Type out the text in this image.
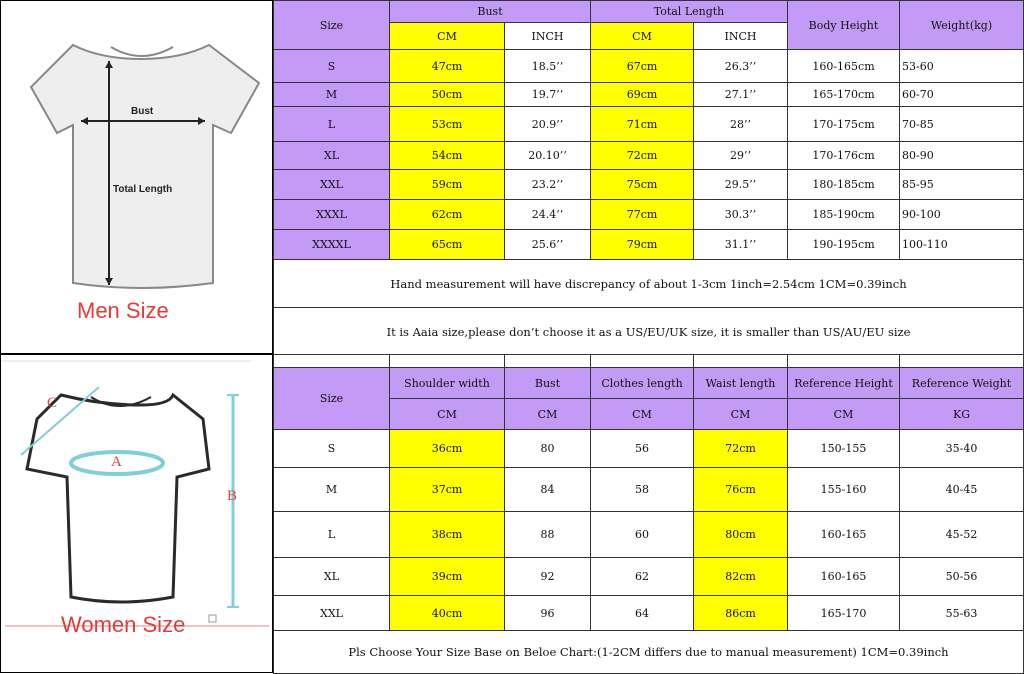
Bust
Total Length
Men Size
A
B
C
Women Size
Size	Bust		Total Length		Body Height	Weight(kg)
	CM	INCH	CM	INCH		
S	47cm	18.5’’	67cm	26.3’’	160-165cm	53-60
M	50cm	19.7’’	69cm	27.1’’	165-170cm	60-70
L	53cm	20.9’’	71cm	28’’	170-175cm	70-85
XL	54cm	20.10’’	72cm	29’’	170-176cm	80-90
XXL	59cm	23.2’’	75cm	29.5’’	180-185cm	85-95
XXXL	62cm	24.4’’	77cm	30.3’’	185-190cm	90-100
XXXXL	65cm	25.6’’	79cm	31.1’’	190-195cm	100-110
Hand measurement will have discrepancy of about 1-3cm 1inch=2.54cm 1CM=0.39inch						
It is Aaia size,please don’t choose it as a US/EU/UK size, it is smaller than US/AU/EU size						

Size	Shoulder width	Bust	Clothes length	Waist length	Reference Height	Reference Weight
	CM	CM	CM	CM	CM	KG
S	36cm	80	56	72cm	150-155	35-40
M	37cm	84	58	76cm	155-160	40-45
L	38cm	88	60	80cm	160-165	45-52
XL	39cm	92	62	82cm	160-165	50-56
XXL	40cm	96	64	86cm	165-170	55-63
Pls Choose Your Size Base on Beloe Chart:(1-2CM differs due to manual measurement) 1CM=0.39inch						
